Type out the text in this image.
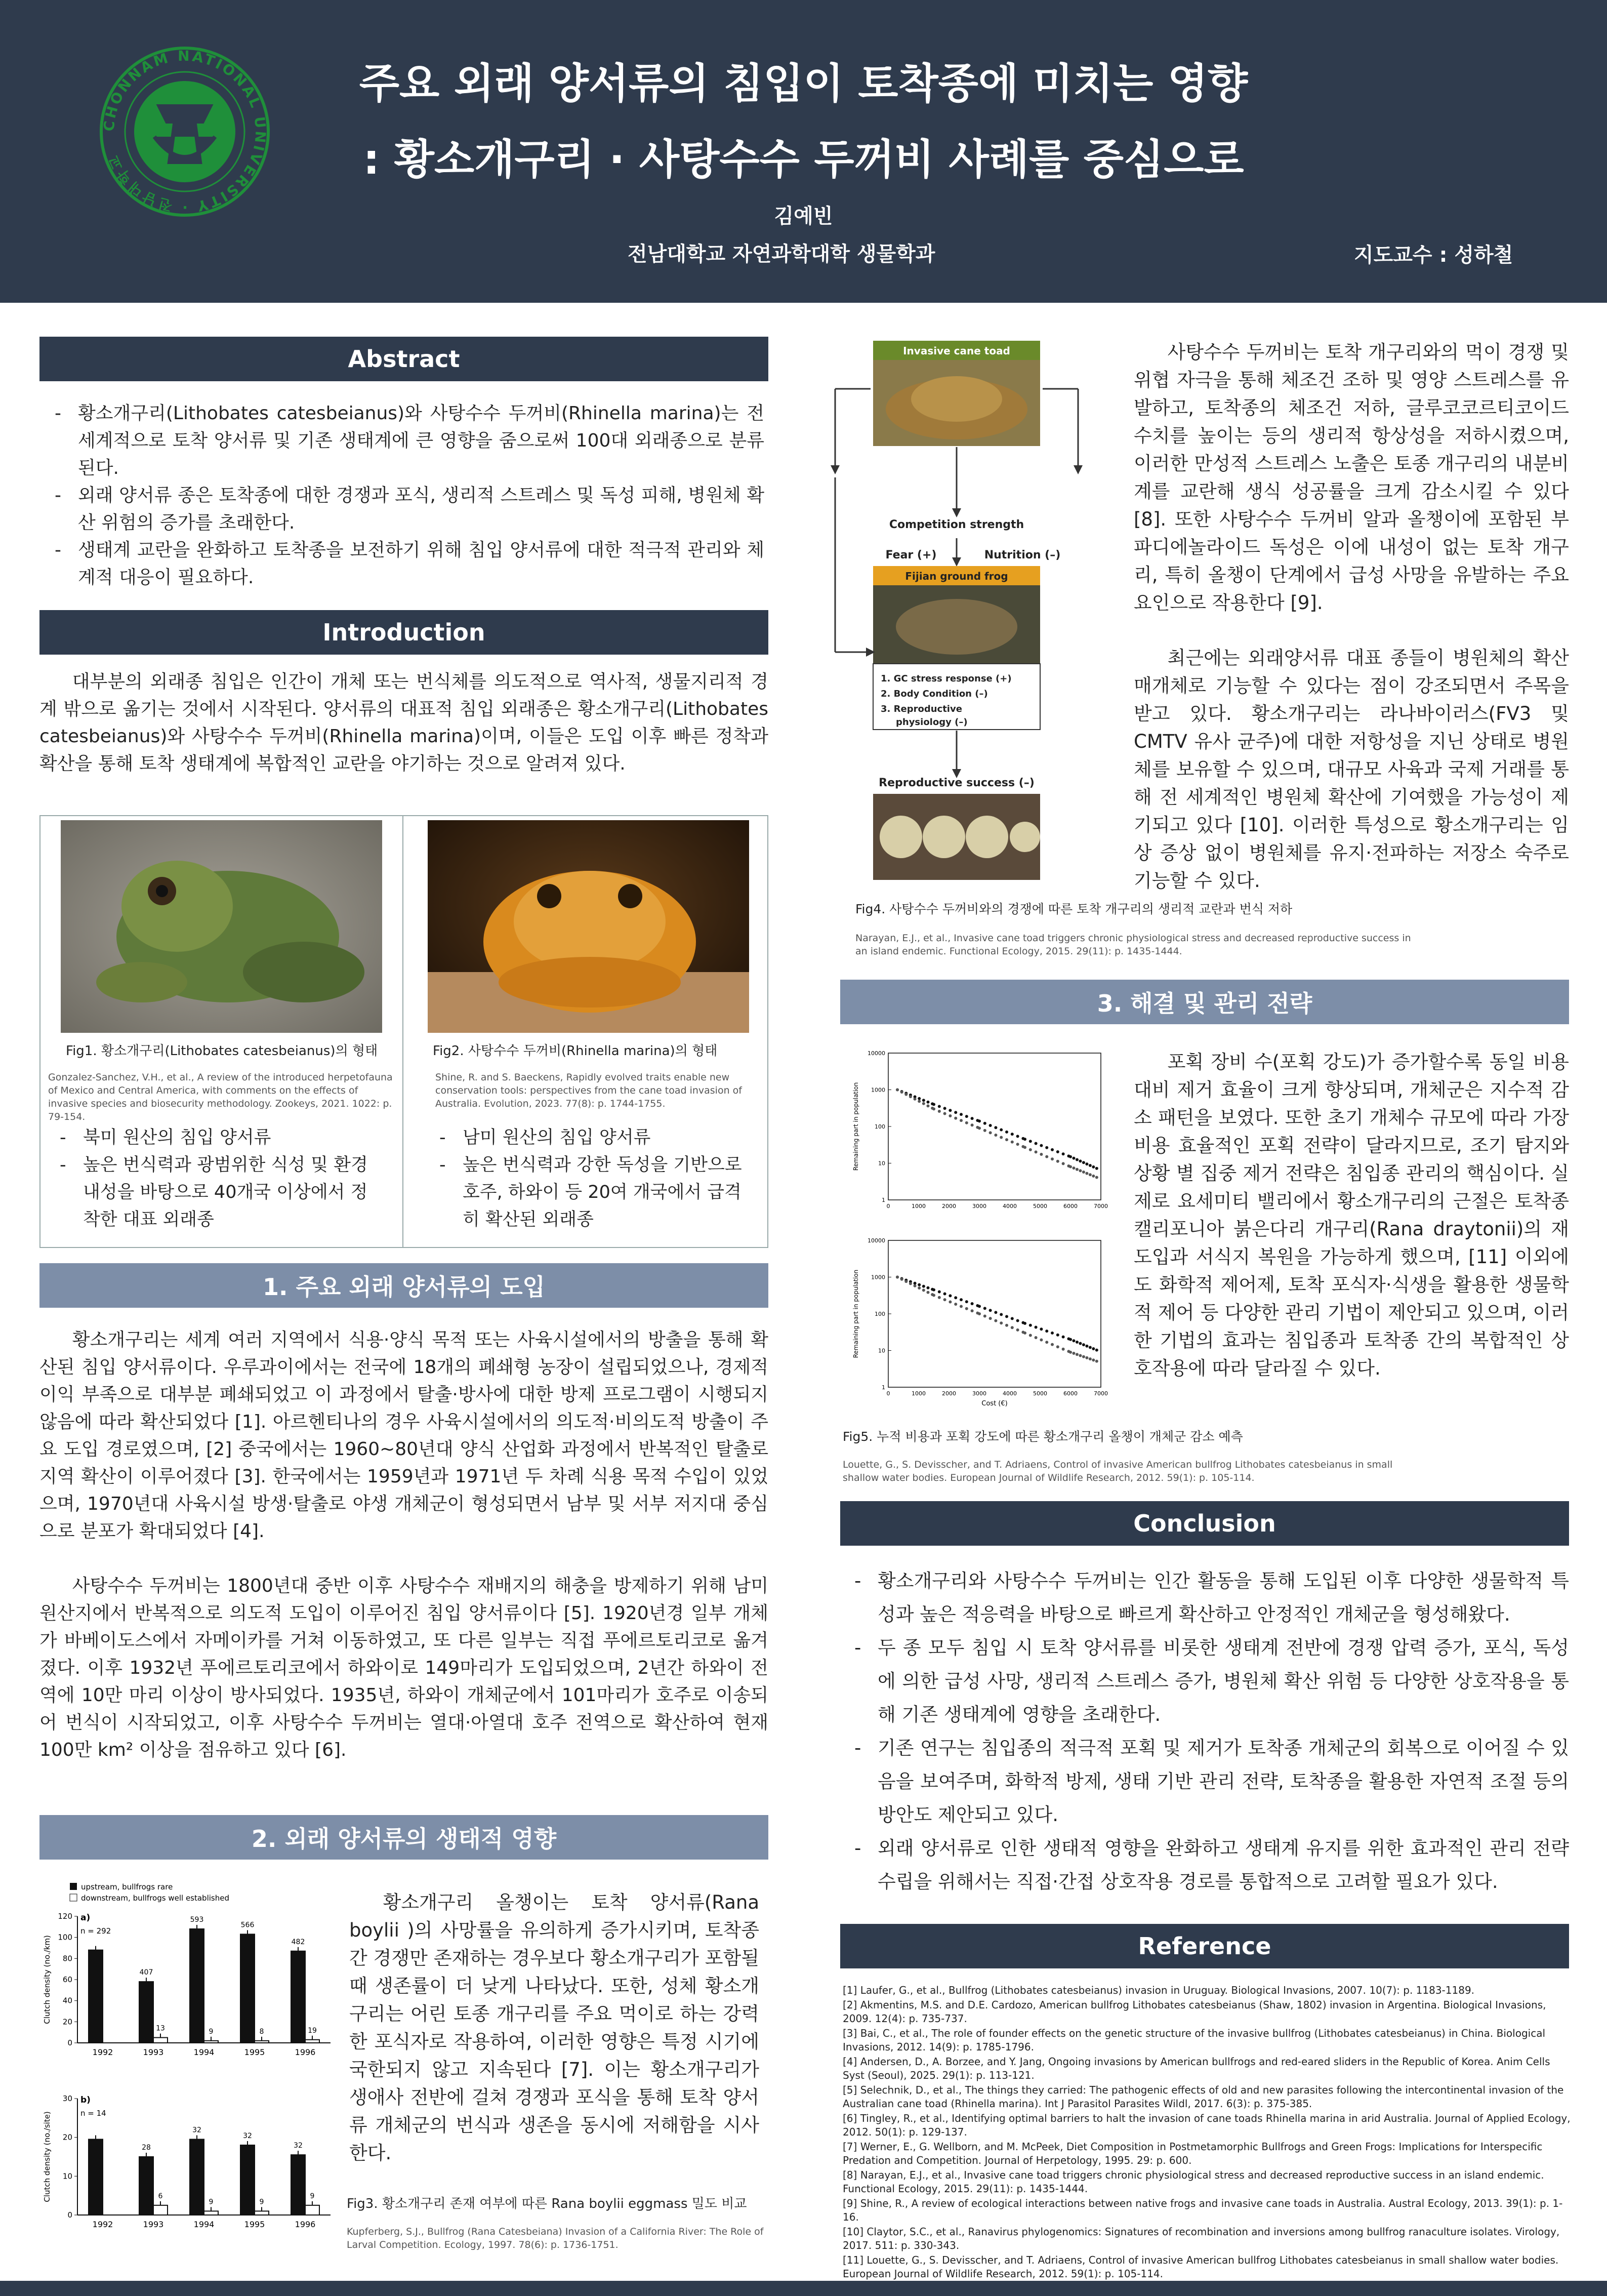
CHONNAM NATIONAL UNIVERSITY · 전남대학교
주요 외래 양서류의 침입이 토착종에 미치는 영향
: 황소개구리 · 사탕수수 두꺼비 사례를 중심으로
김예빈
전남대학교 자연과학대학 생물학과	지도교수 : 성하철
Abstract
- 황소개구리(Lithobates catesbeianus)와 사탕수수 두꺼비(Rhinella marina)는 전세계적으로 토착 양서류 및 기존 생태계에 큰 영향을 줌으로써 100대 외래종으로 분류된다.
- 외래 양서류 종은 토착종에 대한 경쟁과 포식, 생리적 스트레스 및 독성 피해, 병원체 확산 위험의 증가를 초래한다.
- 생태계 교란을 완화하고 토착종을 보전하기 위해 침입 양서류에 대한 적극적 관리와 체계적 대응이 필요하다.
Introduction

대부분의 외래종 침입은 인간이 개체 또는 번식체를 의도적으로 역사적, 생물지리적 경계 밖으로 옮기는 것에서 시작된다. 양서류의 대표적 침입 외래종은 황소개구리(Lithobates catesbeianus)와 사탕수수 두꺼비(Rhinella marina)이며, 이들은 도입 이후 빠른 정착과 확산을 통해 토착 생태계에 복합적인 교란을 야기하는 것으로 알려져 있다.

Fig1. 황소개구리(Lithobates catesbeianus)의 형태
Gonzalez-Sanchez, V.H., et al., A review of the introduced herpetofauna of Mexico and Central America, with comments on the effects of invasive species and biosecurity methodology. Zookeys, 2021. 1022: p. 79-154.
Fig2. 사탕수수 두꺼비(Rhinella marina)의 형태
Shine, R. and S. Baeckens, Rapidly evolved traits enable new conservation tools: perspectives from the cane toad invasion of Australia. Evolution, 2023. 77(8): p. 1744-1755.
- 북미 원산의 침입 양서류
- 높은 번식력과 광범위한 식성 및 환경 내성을 바탕으로 40개국 이상에서 정착한 대표 외래종
- 남미 원산의 침입 양서류
- 높은 번식력과 강한 독성을 기반으로 호주, 하와이 등 20여 개국에서 급격히 확산된 외래종
1. 주요 외래 양서류의 도입

황소개구리는 세계 여러 지역에서 식용·양식 목적 또는 사육시설에서의 방출을 통해 확산된 침입 양서류이다. 우루과이에서는 전국에 18개의 폐쇄형 농장이 설립되었으나, 경제적 이익 부족으로 대부분 폐쇄되었고 이 과정에서 탈출·방사에 대한 방제 프로그램이 시행되지 않음에 따라 확산되었다 [1]. 아르헨티나의 경우 사육시설에서의 의도적·비의도적 방출이 주요 도입 경로였으며, [2] 중국에서는 1960~80년대 양식 산업화 과정에서 반복적인 탈출로 지역 확산이 이루어졌다 [3]. 한국에서는 1959년과 1971년 두 차례 식용 목적 수입이 있었으며, 1970년대 사육시설 방생·탈출로 야생 개체군이 형성되면서 남부 및 서부 저지대 중심으로 분포가 확대되었다 [4].

사탕수수 두꺼비는 1800년대 중반 이후 사탕수수 재배지의 해충을 방제하기 위해 남미 원산지에서 반복적으로 의도적 도입이 이루어진 침입 양서류이다 [5]. 1920년경 일부 개체가 바베이도스에서 자메이카를 거쳐 이동하였고, 또 다른 일부는 직접 푸에르토리코로 옮겨졌다. 이후 1932년 푸에르토리코에서 하와이로 149마리가 도입되었으며, 2년간 하와이 전역에 10만 마리 이상이 방사되었다. 1935년, 하와이 개체군에서 101마리가 호주로 이송되어 번식이 시작되었고, 이후 사탕수수 두꺼비는 열대·아열대 호주 전역으로 확산하여 현재 100만 km² 이상을 점유하고 있다 [6].

2. 외래 양서류의 생태적 영향
upstream, bullfrogs rare
downstream, bullfrogs well established
0
20
40
60
80
100
120 a)
n = 292
Clutch density (no./km)
1992
407
13
1993
593
9
1994
566
8
1995
482
19
1996
0
10
20
30 b)
n = 14
Clutch density (no./site)
1992
28
6
1993
32
9
1994
32
9
1995
32
9
1996
Fig3. 황소개구리 존재 여부에 따른 Rana boylii eggmass 밀도 비교
Kupferberg, S.J., Bullfrog (Rana Catesbeiana) Invasion of a California River: The Role of Larval Competition. Ecology, 1997. 78(6): p. 1736-1751.

황소개구리 올챙이는 토착 양서류(Rana boylii )의 사망률을 유의하게 증가시키며, 토착종 간 경쟁만 존재하는 경우보다 황소개구리가 포함될 때 생존률이 더 낮게 나타났다. 또한, 성체 황소개구리는 어린 토종 개구리를 주요 먹이로 하는 강력한 포식자로 작용하여, 이러한 영향은 특정 시기에 국한되지 않고 지속된다 [7]. 이는 황소개구리가 생애사 전반에 걸쳐 경쟁과 포식을 통해 토착 양서류 개체군의 번식과 생존을 동시에 저해함을 시사한다.

Invasive cane toad
Competition strength
Fear (+)	Nutrition (–)
Fijian ground frog
1. GC stress response (+)
2. Body Condition (–)
3. Reproductive
physiology (–)
Reproductive success (–)

사탕수수 두꺼비는 토착 개구리와의 먹이 경쟁 및 위협 자극을 통해 체조건 조하 및 영양 스트레스를 유발하고, 토착종의 체조건 저하, 글루코코르티코이드 수치를 높이는 등의 생리적 항상성을 저하시켰으며, 이러한 만성적 스트레스 노출은 토종 개구리의 내분비계를 교란해 생식 성공률을 크게 감소시킬 수 있다 [8]. 또한 사탕수수 두꺼비 알과 올챙이에 포함된 부파디에놀라이드 독성은 이에 내성이 없는 토착 개구리, 특히 올챙이 단계에서 급성 사망을 유발하는 주요 요인으로 작용한다 [9].

최근에는 외래양서류 대표 종들이 병원체의 확산 매개체로 기능할 수 있다는 점이 강조되면서 주목을 받고 있다. 황소개구리는 라나바이러스(FV3 및 CMTV 유사 균주)에 대한 저항성을 지닌 상태로 병원체를 보유할 수 있으며, 대규모 사육과 국제 거래를 통해 전 세계적인 병원체 확산에 기여했을 가능성이 제기되고 있다 [10]. 이러한 특성으로 황소개구리는 임상 증상 없이 병원체를 유지·전파하는 저장소 숙주로 기능할 수 있다.

Fig4. 사탕수수 두꺼비와의 경쟁에 따른 토착 개구리의 생리적 교란과 번식 저하
Narayan, E.J., et al., Invasive cane toad triggers chronic physiological stress and decreased reproductive success in an island endemic. Functional Ecology, 2015. 29(11): p. 1435-1444.
3. 해결 및 관리 전략
1
10
100
1000
10000
0	1000	2000	3000	4000	5000	6000	7000
Remaining part in population
1
10
100
1000
10000
0	1000	2000	3000	4000	5000	6000	7000
Remaining part in population
Cost (€)

포획 장비 수(포획 강도)가 증가할수록 동일 비용 대비 제거 효율이 크게 향상되며, 개체군은 지수적 감소 패턴을 보였다. 또한 초기 개체수 규모에 따라 가장 비용 효율적인 포획 전략이 달라지므로, 조기 탐지와 상황 별 집중 제거 전략은 침입종 관리의 핵심이다. 실제로 요세미티 밸리에서 황소개구리의 근절은 토착종 캘리포니아 붉은다리 개구리(Rana draytonii)의 재도입과 서식지 복원을 가능하게 했으며, [11] 이외에도 화학적 제어제, 토착 포식자·식생을 활용한 생물학적 제어 등 다양한 관리 기법이 제안되고 있으며, 이러한 기법의 효과는 침입종과 토착종 간의 복합적인 상호작용에 따라 달라질 수 있다.

Fig5. 누적 비용과 포획 강도에 따른 황소개구리 올챙이 개체군 감소 예측
Louette, G., S. Devisscher, and T. Adriaens, Control of invasive American bullfrog Lithobates catesbeianus in small shallow water bodies. European Journal of Wildlife Research, 2012. 59(1): p. 105-114.
Conclusion
- 황소개구리와 사탕수수 두꺼비는 인간 활동을 통해 도입된 이후 다양한 생물학적 특성과 높은 적응력을 바탕으로 빠르게 확산하고 안정적인 개체군을 형성해왔다.
- 두 종 모두 침입 시 토착 양서류를 비롯한 생태계 전반에 경쟁 압력 증가, 포식, 독성에 의한 급성 사망, 생리적 스트레스 증가, 병원체 확산 위험 등 다양한 상호작용을 통해 기존 생태계에 영향을 초래한다.
- 기존 연구는 침입종의 적극적 포획 및 제거가 토착종 개체군의 회복으로 이어질 수 있음을 보여주며, 화학적 방제, 생태 기반 관리 전략, 토착종을 활용한 자연적 조절 등의 방안도 제안되고 있다.
- 외래 양서류로 인한 생태적 영향을 완화하고 생태계 유지를 위한 효과적인 관리 전략 수립을 위해서는 직접·간접 상호작용 경로를 통합적으로 고려할 필요가 있다.
Reference
[1] Laufer, G., et al., Bullfrog (Lithobates catesbeianus) invasion in Uruguay. Biological Invasions, 2007. 10(7): p. 1183-1189.
[2] Akmentins, M.S. and D.E. Cardozo, American bullfrog Lithobates catesbeianus (Shaw, 1802) invasion in Argentina. Biological Invasions, 2009. 12(4): p. 735-737.
[3] Bai, C., et al., The role of founder effects on the genetic structure of the invasive bullfrog (Lithobates catesbeianus) in China. Biological Invasions, 2012. 14(9): p. 1785-1796.
[4] Andersen, D., A. Borzee, and Y. Jang, Ongoing invasions by American bullfrogs and red-eared sliders in the Republic of Korea. Anim Cells Syst (Seoul), 2025. 29(1): p. 113-121.
[5] Selechnik, D., et al., The things they carried: The pathogenic effects of old and new parasites following the intercontinental invasion of the Australian cane toad (Rhinella marina). Int J Parasitol Parasites Wildl, 2017. 6(3): p. 375-385.
[6] Tingley, R., et al., Identifying optimal barriers to halt the invasion of cane toads Rhinella marina in arid Australia. Journal of Applied Ecology, 2012. 50(1): p. 129-137.
[7] Werner, E., G. Wellborn, and M. McPeek, Diet Composition in Postmetamorphic Bullfrogs and Green Frogs: Implications for Interspecific Predation and Competition. Journal of Herpetology, 1995. 29: p. 600.
[8] Narayan, E.J., et al., Invasive cane toad triggers chronic physiological stress and decreased reproductive success in an island endemic. Functional Ecology, 2015. 29(11): p. 1435-1444.
[9] Shine, R., A review of ecological interactions between native frogs and invasive cane toads in Australia. Austral Ecology, 2013. 39(1): p. 1-16.
[10] Claytor, S.C., et al., Ranavirus phylogenomics: Signatures of recombination and inversions among bullfrog ranaculture isolates. Virology, 2017. 511: p. 330-343.
[11] Louette, G., S. Devisscher, and T. Adriaens, Control of invasive American bullfrog Lithobates catesbeianus in small shallow water bodies. European Journal of Wildlife Research, 2012. 59(1): p. 105-114.
